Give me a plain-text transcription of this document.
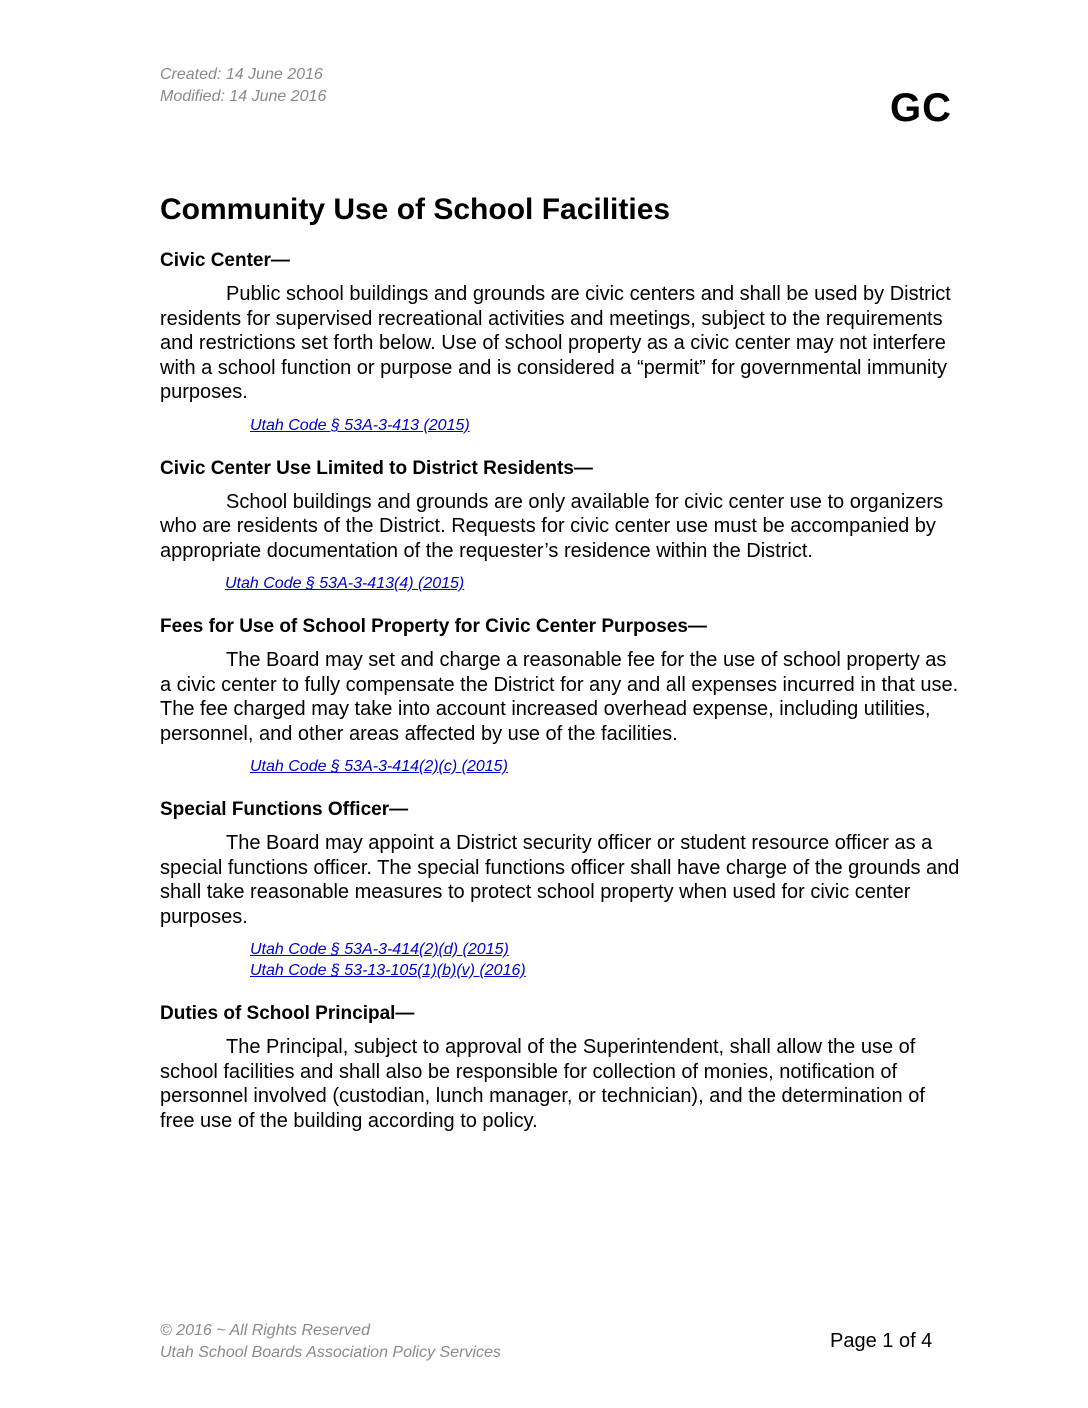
Created: 14 June 2016
Modified: 14 June 2016	GC
Community Use of School Facilities

Civic Center—

Public school buildings and grounds are civic centers and shall be used by District residents for supervised recreational activities and meetings, subject to the requirements and restrictions set forth below. Use of school property as a civic center may not interfere with a school function or purpose and is considered a “permit” for governmental immunity purposes.

Utah Code § 53A-3-413 (2015)

Civic Center Use Limited to District Residents—

School buildings and grounds are only available for civic center use to organizers who are residents of the District. Requests for civic center use must be accompanied by appropriate documentation of the requester’s residence within the District.

Utah Code § 53A-3-413(4) (2015)

Fees for Use of School Property for Civic Center Purposes—

The Board may set and charge a reasonable fee for the use of school property as a civic center to fully compensate the District for any and all expenses incurred in that use. The fee charged may take into account increased overhead expense, including utilities, personnel, and other areas affected by use of the facilities.

Utah Code § 53A-3-414(2)(c) (2015)

Special Functions Officer—

The Board may appoint a District security officer or student resource officer as a special functions officer. The special functions officer shall have charge of the grounds and shall take reasonable measures to protect school property when used for civic center purposes.

Utah Code § 53A-3-414(2)(d) (2015)
Utah Code § 53-13-105(1)(b)(v) (2016)

Duties of School Principal—

The Principal, subject to approval of the Superintendent, shall allow the use of school facilities and shall also be responsible for collection of monies, notification of personnel involved (custodian, lunch manager, or technician), and the determination of free use of the building according to policy.

© 2016 ~ All Rights Reserved
Utah School Boards Association Policy Services
Page 1 of 4
